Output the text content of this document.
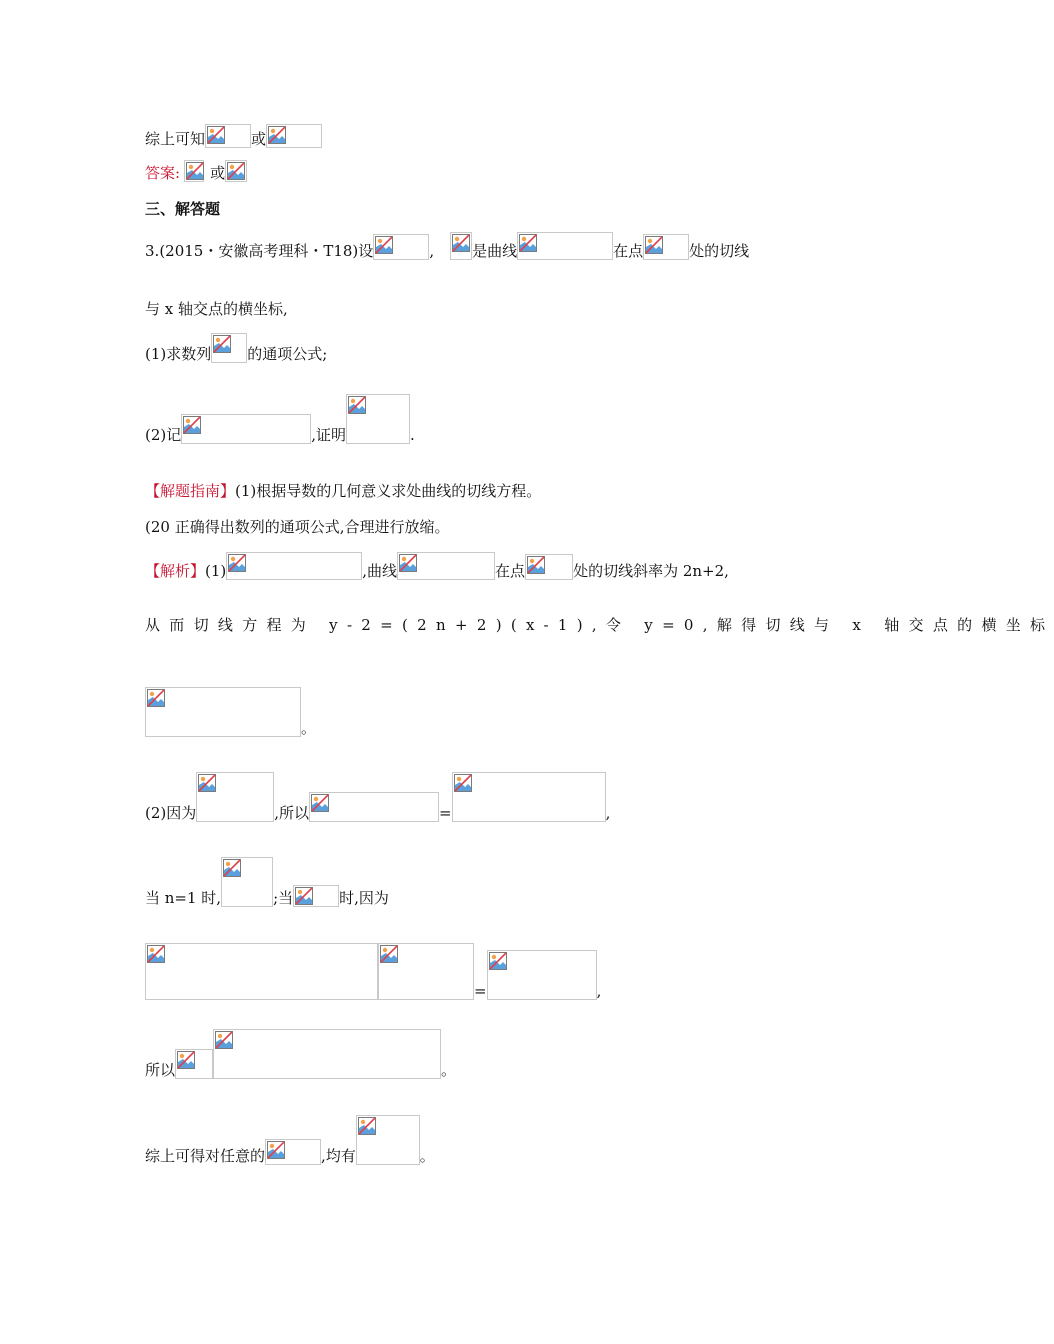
综上可知	或
答案: 或
三、解答题
3. (2015・安徽高考理科・T18) 设	,	是曲线	在点	处的切线
与 x 轴交点的横坐标,
(1)求数列 的通项公式;
(2)记	,证明	.
【解题指南】 (1)根据导数的几何意义求处曲线的切线方程。
(20 正确得出数列的通项公式,合理进行放缩。
【解析】 (1)	,曲线	在点	处的切线斜率为 2n+2,
从而切线方程为 y-2=(2n+2)(x-1),令 y=0,解得切线与 x 轴交点的横坐标
。
(2)因为	,所以	=	,
当 n=1 时,	;当	时,因为
=	,
所以	。
综上可得对任意的	,均有	。
